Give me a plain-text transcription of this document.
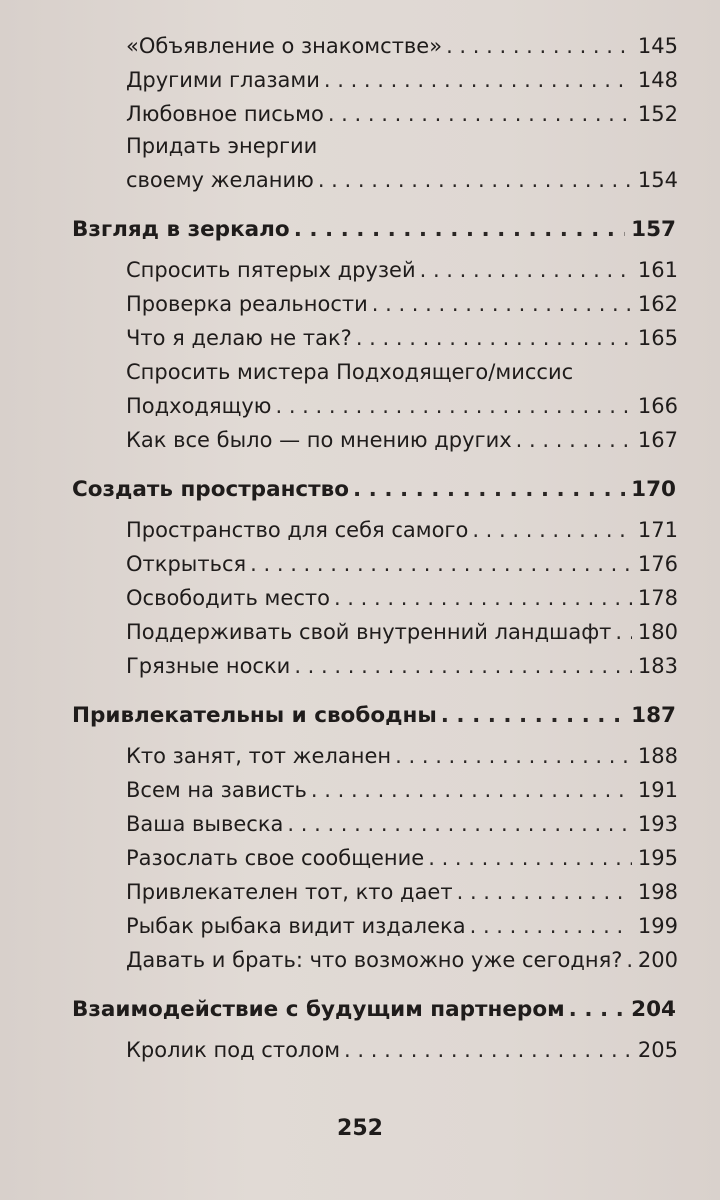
«Объявление о знакомстве» . . .	145
Другими глазами . . .	148
Любовное письмо . . .	152
Придать энергии
своему желанию . . .	154
Взгляд в зеркало . . .	157
Спросить пятерых друзей . . .	161
Проверка реальности . . .	162
Что я делаю не так? . . .	165
Спросить мистера Подходящего/миссис
Подходящую . . .	166
Как все было — по мнению других . . .	167
Создать пространство . . .	170
Пространство для себя самого . . .	171
Открыться . . .	176
Освободить место . . .	178
Поддерживать свой внутренний ландшафт . . . 180
Грязные носки . . .	183
Привлекательны и свободны . . .	187
Кто занят, тот желанен . . .	188
Всем на зависть . . .	191
Ваша вывеска . . .	193
Разослать свое сообщение . . .	195
Привлекателен тот, кто дает . . .	198
Рыбак рыбака видит издалека . . .	199
Давать и брать: что возможно уже сегодня? . . . 200
Взаимодействие с будущим партнером . . .	204
Кролик под столом . . .	205
252
